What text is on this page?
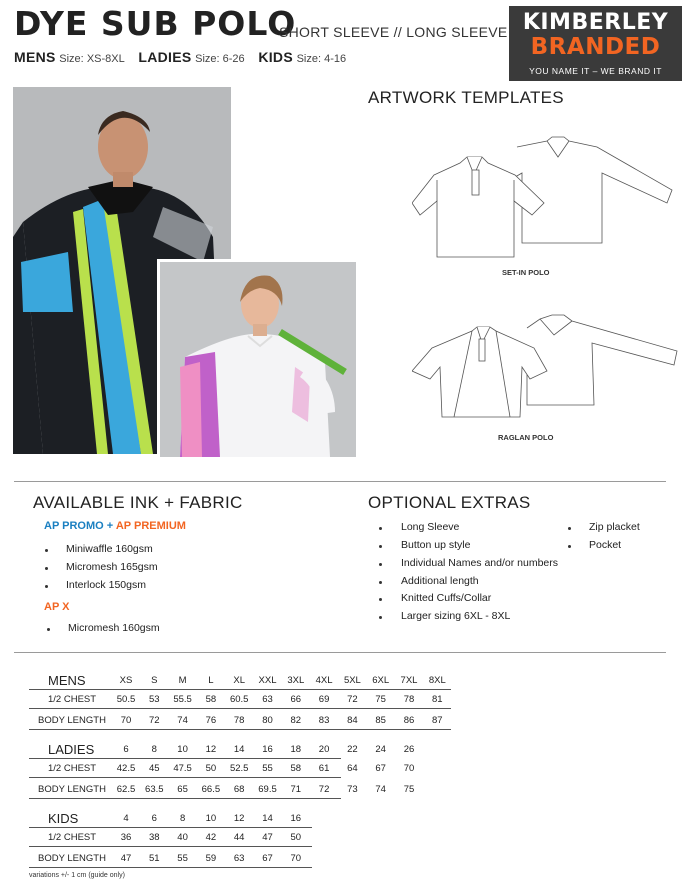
DYE SUB POLO
SHORT SLEEVE // LONG SLEEVE
MENS Size: XS-8XL LADIES Size: 6-26 KIDS Size: 4-16
KIMBERLEY
BRANDED
YOU NAME IT – WE BRAND IT
ARTWORK TEMPLATES
SET-IN POLO
RAGLAN POLO
AVAILABLE INK + FABRIC
AP PROMO + AP PREMIUM
Miniwaffle 160gsm
Micromesh 165gsm
Interlock 150gsm
AP X
Micromesh 160gsm
OPTIONAL EXTRAS
Long Sleeve
Button up style
Individual Names and/or numbers
Additional length
Knitted Cuffs/Collar
Larger sizing 6XL - 8XL
Zip placket
Pocket
MENS	XS	S	M	L	XL	XXL	3XL	4XL	5XL	6XL	7XL	8XL
1/2 CHEST	50.5	53	55.5	58	60.5	63	66	69	72	75	78	81
BODY LENGTH	70	72	74	76	78	80	82	83	84	85	86	87
LADIES	6	8	10	12	14	16	18	20	22	24	26
1/2 CHEST	42.5	45	47.5	50	52.5	55	58	61	64	67	70
BODY LENGTH	62.5	63.5	65	66.5	68	69.5	71	72	73	74	75
KIDS	4	6	8	10	12	14	16
1/2 CHEST	36	38	40	42	44	47	50
BODY LENGTH	47	51	55	59	63	67	70
variations +/- 1 cm (guide only)
